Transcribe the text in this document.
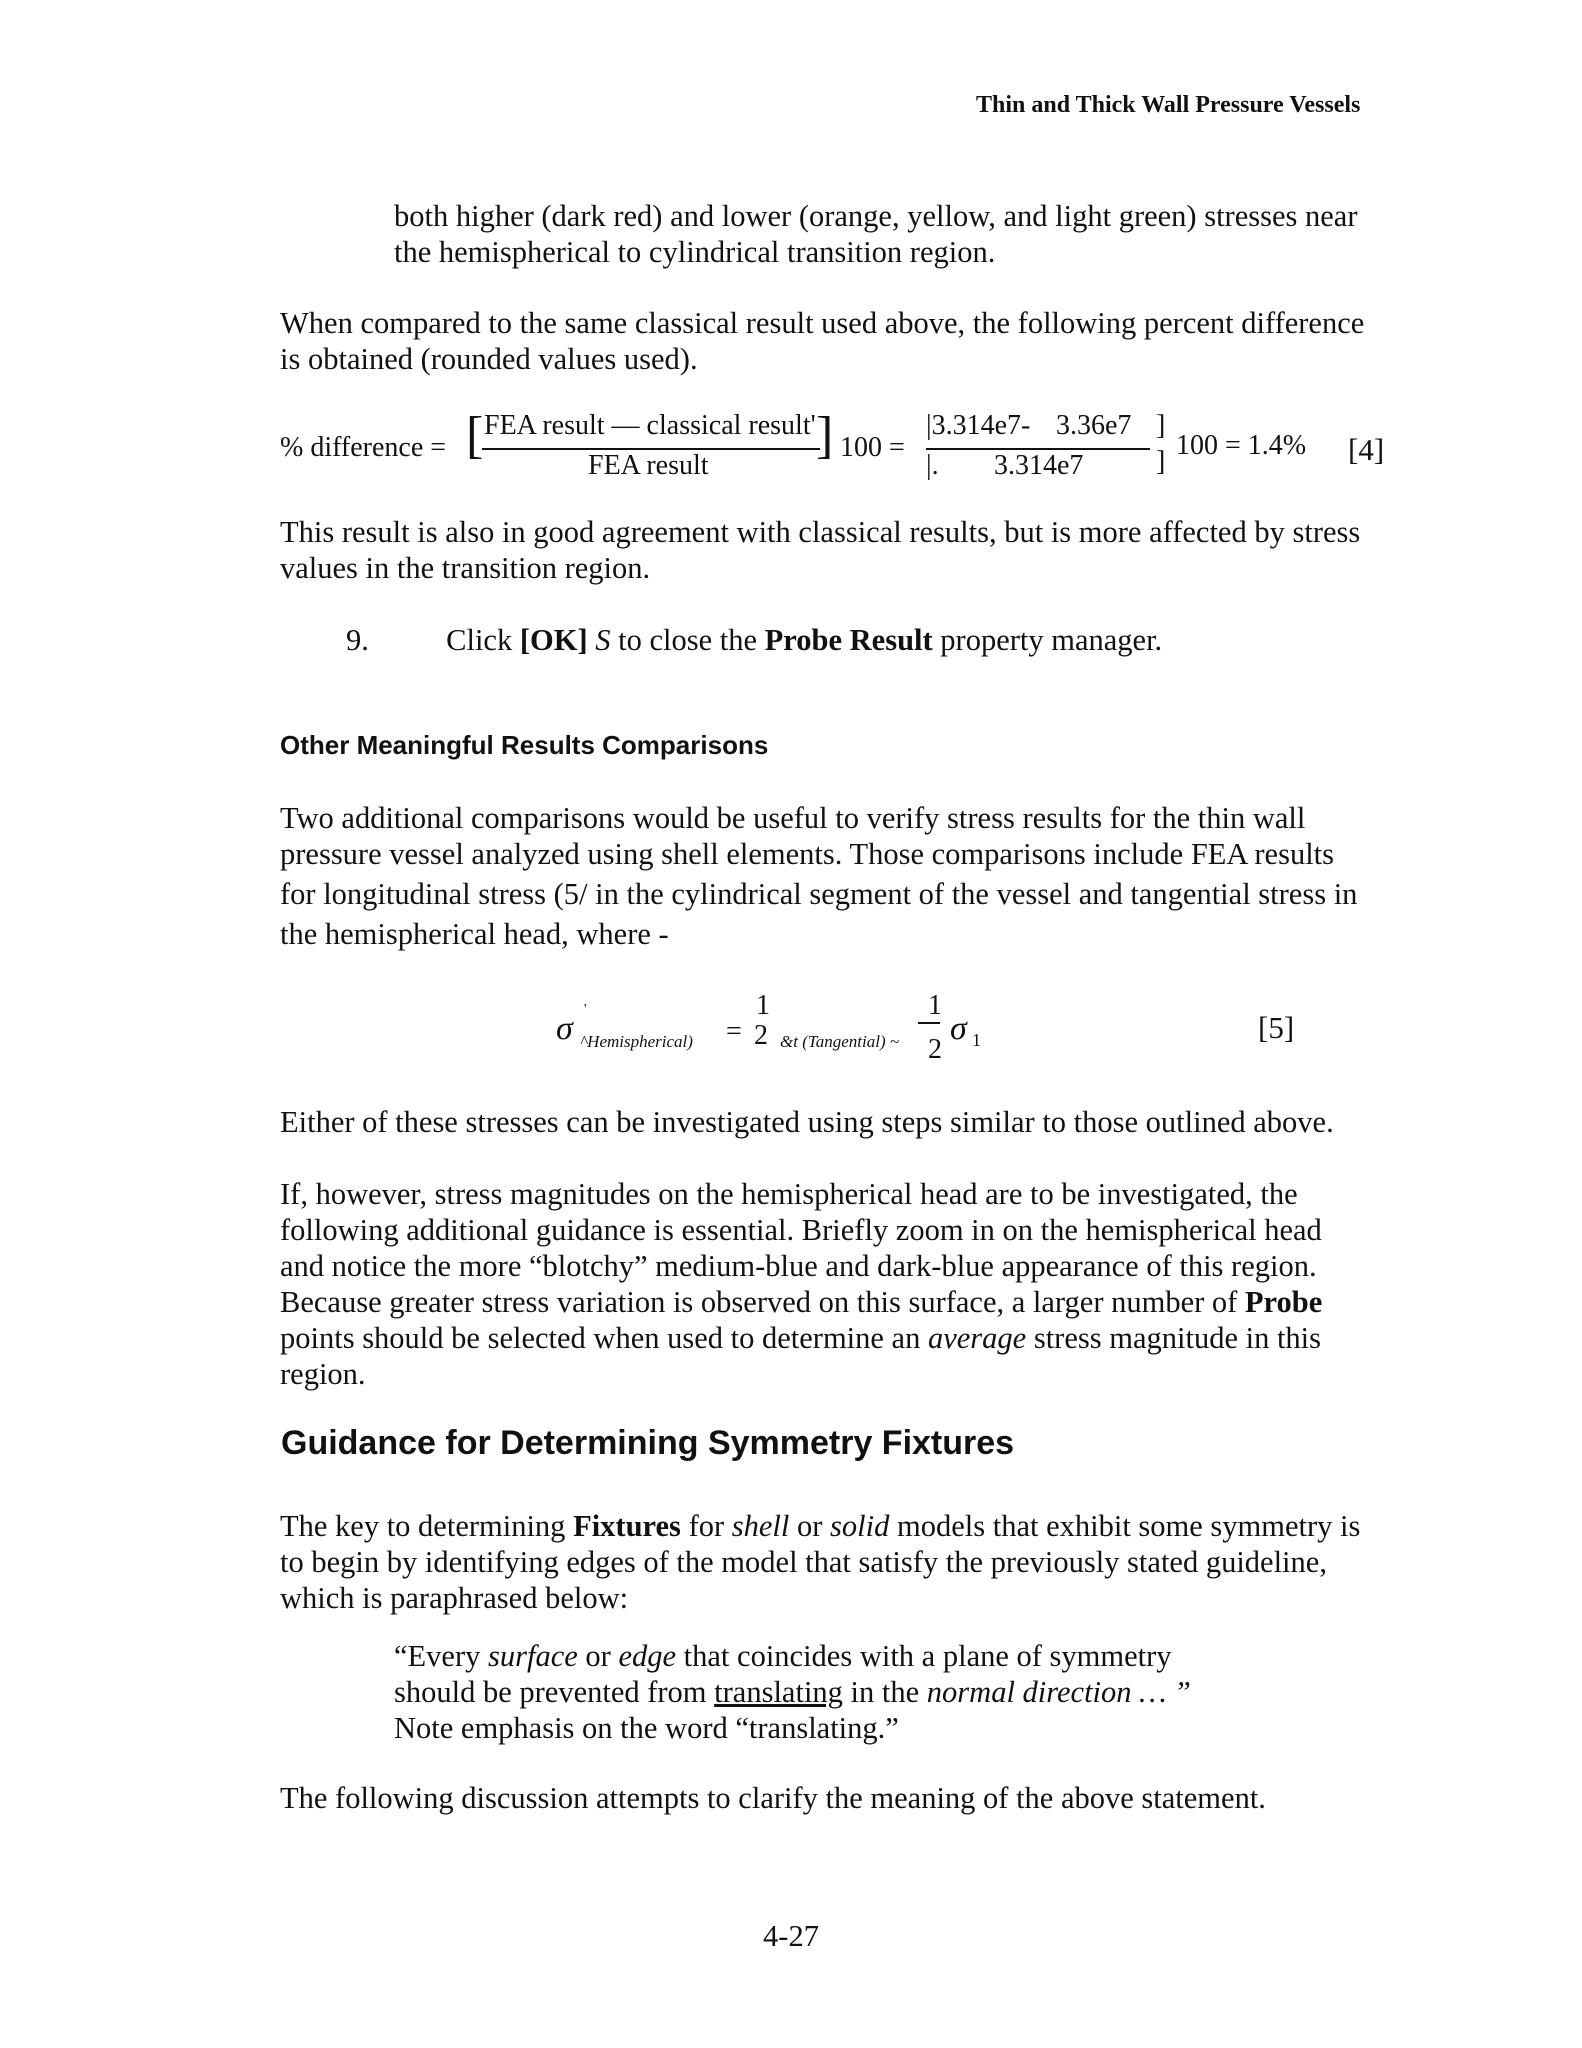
Thin and Thick Wall Pressure Vessels
both higher (dark red) and lower (orange, yellow, and light green) stresses near
the hemispherical to cylindrical transition region.
When compared to the same classical result used above, the following percent difference
is obtained (rounded values used).
% difference = [ FEA result — classical result'
FEA result
] 100 =
|3.314e7- 3.36e7 ]
|. 3.314e7	]
100 = 1.4% [4]
This result is also in good agreement with classical results, but is more affected by stress
values in the transition region.
9.	Click [OK] S to close the Probe Result property manager.
Other Meaningful Results Comparisons
Two additional comparisons would be useful to verify stress results for the thin wall
pressure vessel analyzed using shell elements. Those comparisons include FEA results
for longitudinal stress (5/ in the cylindrical segment of the vessel and tangential stress in
the hemispherical head, where -
σ
'
^Hemispherical) =
1
2 &t (Tangential) ~
1
2
σ 1	[5]
Either of these stresses can be investigated using steps similar to those outlined above.
If, however, stress magnitudes on the hemispherical head are to be investigated, the
following additional guidance is essential. Briefly zoom in on the hemispherical head
and notice the more “blotchy” medium-blue and dark-blue appearance of this region.
Because greater stress variation is observed on this surface, a larger number of Probe
points should be selected when used to determine an average stress magnitude in this
region.
Guidance for Determining Symmetry Fixtures
The key to determining Fixtures for shell or solid models that exhibit some symmetry is
to begin by identifying edges of the model that satisfy the previously stated guideline,
which is paraphrased below:
“Every surface or edge that coincides with a plane of symmetry
should be prevented from translating in the normal direction … ”
Note emphasis on the word “translating.”
The following discussion attempts to clarify the meaning of the above statement.
4-27
